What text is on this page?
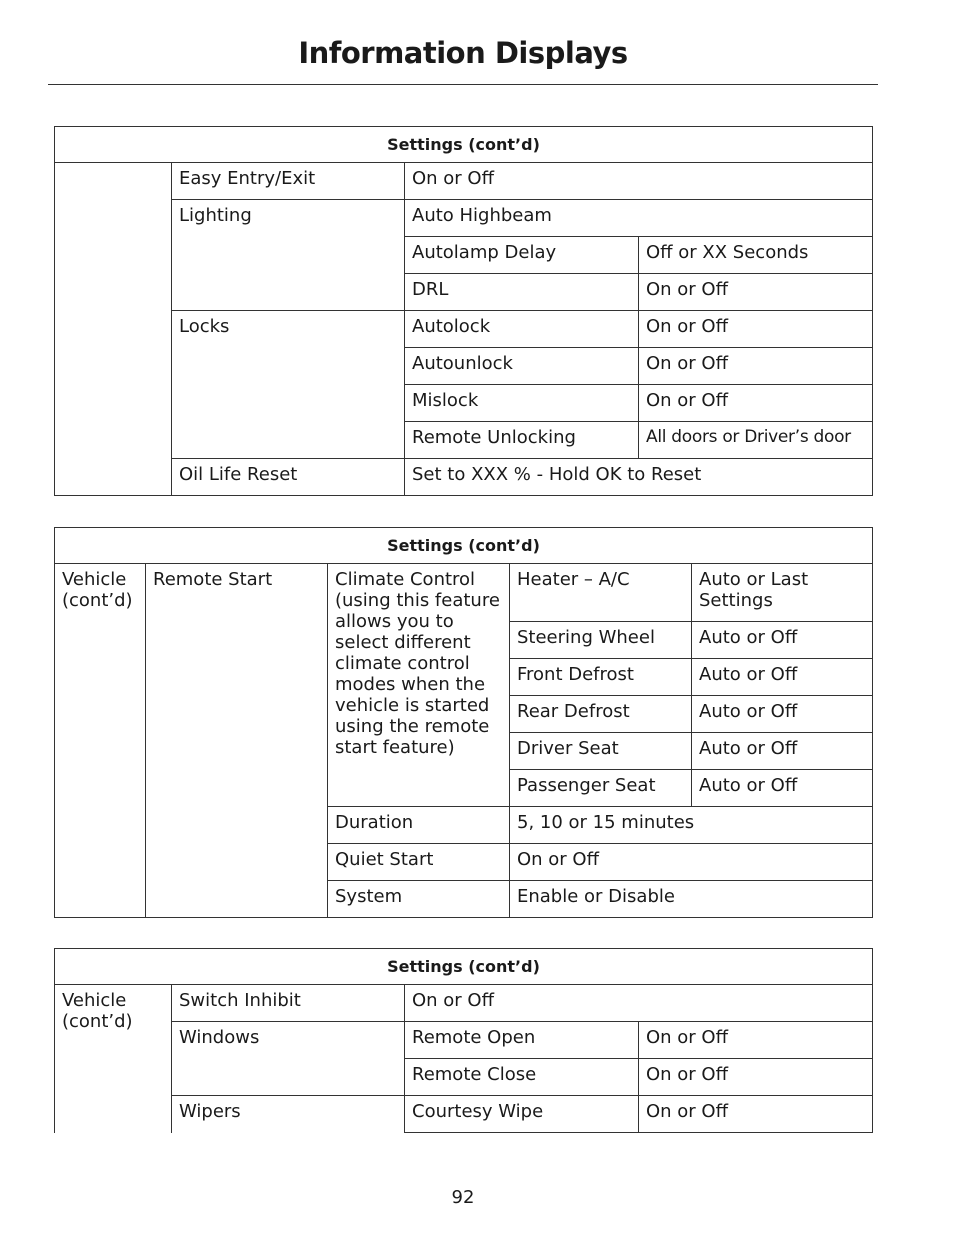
Information Displays
Settings (cont’d)			
	Easy Entry/Exit	On or Off	
	Lighting	Auto Highbeam	
		Autolamp Delay	Off or XX Seconds
		DRL	On or Off
	Locks	Autolock	On or Off
		Autounlock	On or Off
		Mislock	On or Off
		Remote Unlocking	All doors or Driver’s door
	Oil Life Reset	Set to XXX % - Hold OK to Reset	
Settings (cont’d)				
Vehicle (cont’d)	Remote Start	Climate Control (using this feature allows you to select different climate control modes when the vehicle is started using the remote start feature)	Heater – A/C	Auto or Last Settings
			Steering Wheel	Auto or Off
			Front Defrost	Auto or Off
			Rear Defrost	Auto or Off
			Driver Seat	Auto or Off
			Passenger Seat	Auto or Off
		Duration	5, 10 or 15 minutes	
		Quiet Start	On or Off	
		System	Enable or Disable	
Settings (cont’d)			
Vehicle (cont’d)	Switch Inhibit	On or Off	
	Windows	Remote Open	On or Off
		Remote Close	On or Off
	Wipers	Courtesy Wipe	On or Off
92
